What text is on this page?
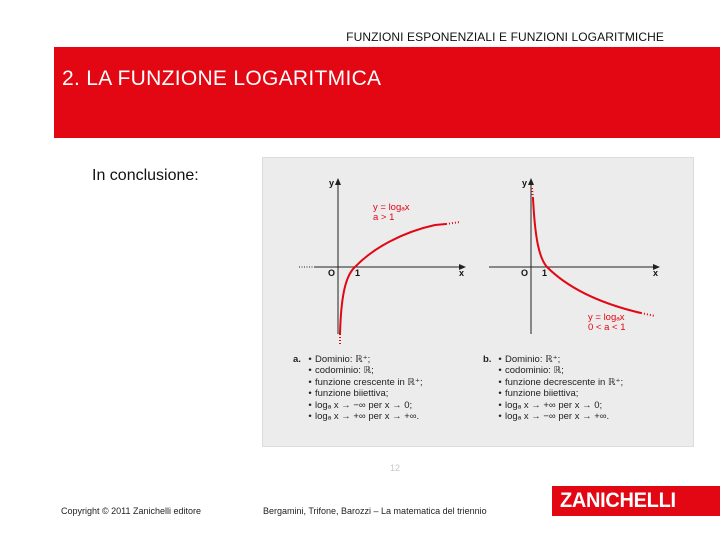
FUNZIONI ESPONENZIALI E FUNZIONI LOGARITMICHE
2. LA FUNZIONE LOGARITMICA
In conclusione:	y
x
O 1
y = logₐx
a > 1
y
x
O 1
y = logₐx
0 < a < 1
a. • Dominio: ℝ⁺;
• codominio: ℝ;
• funzione crescente in ℝ⁺;
• funzione biiettiva;
• logₐ x → −∞ per x → 0;
• logₐ x → +∞ per x → +∞.
b. • Dominio: ℝ⁺;
• codominio: ℝ;
• funzione decrescente in ℝ⁺;
• funzione biiettiva;
• logₐ x → +∞ per x → 0;
• logₐ x → −∞ per x → +∞.
12
Copyright © 2011 Zanichelli editore	Bergamini, Trifone, Barozzi – La matematica del triennio	ZANICHELLI
